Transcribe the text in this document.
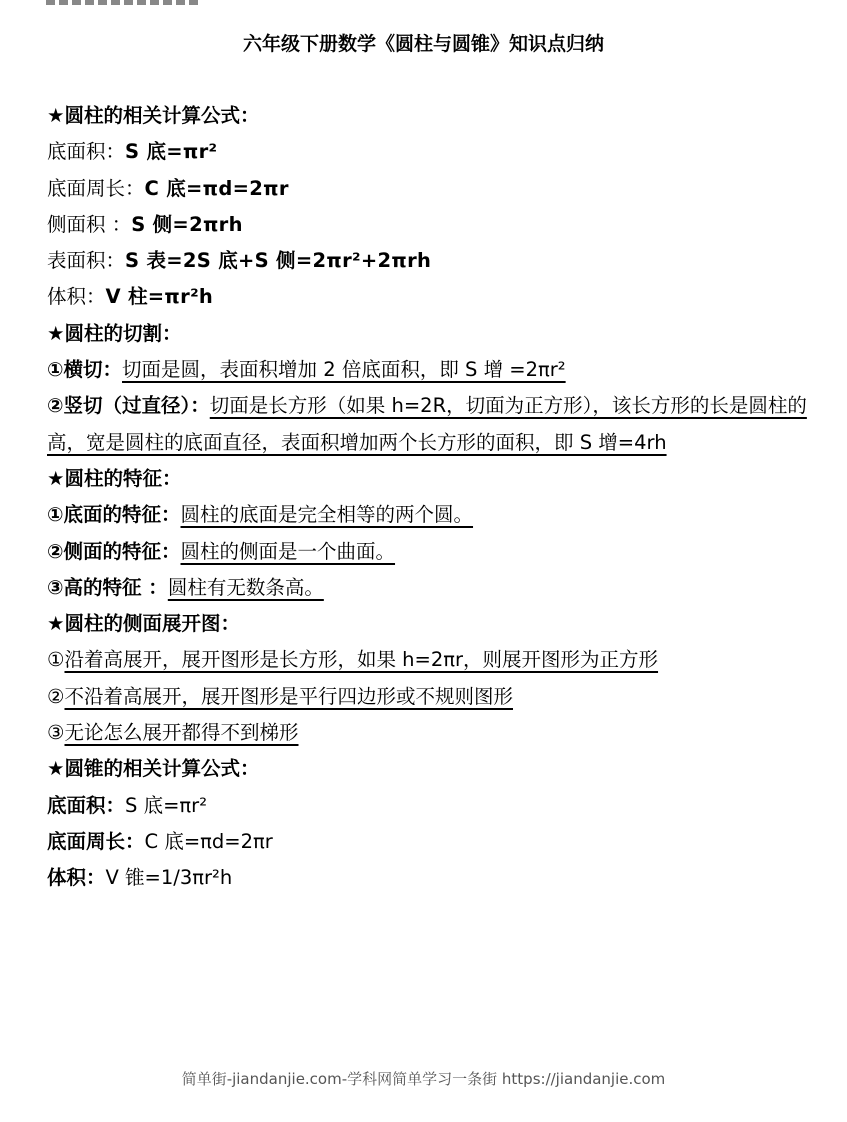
六年级下册数学《圆柱与圆锥》知识点归纳
★圆柱的相关计算公式：
底面积：S 底=πr²
底面周长：C 底=πd=2πr
侧面积 ：S 侧=2πrh
表面积：S 表=2S 底+S 侧=2πr²+2πrh
体积：V 柱=πr²h
★圆柱的切割：
①横切：切面是圆，表面积增加 2 倍底面积，即 S 增 =2πr²
②竖切（过直径）：切面是长方形（如果 h=2R，切面为正方形），该长方形的长是圆柱的高，宽是圆柱的底面直径，表面积增加两个长方形的面积，即 S 增=4rh
★圆柱的特征：
①底面的特征：圆柱的底面是完全相等的两个圆。
②侧面的特征：圆柱的侧面是一个曲面。
③高的特征 ：圆柱有无数条高。
★圆柱的侧面展开图：
①沿着高展开，展开图形是长方形，如果 h=2πr，则展开图形为正方形
②不沿着高展开，展开图形是平行四边形或不规则图形
③无论怎么展开都得不到梯形
★圆锥的相关计算公式：
底面积：S 底=πr²
底面周长：C 底=πd=2πr
体积：V 锥=1/3πr²h
简单街-jiandanjie.com-学科网简单学习一条街 https://jiandanjie.com
